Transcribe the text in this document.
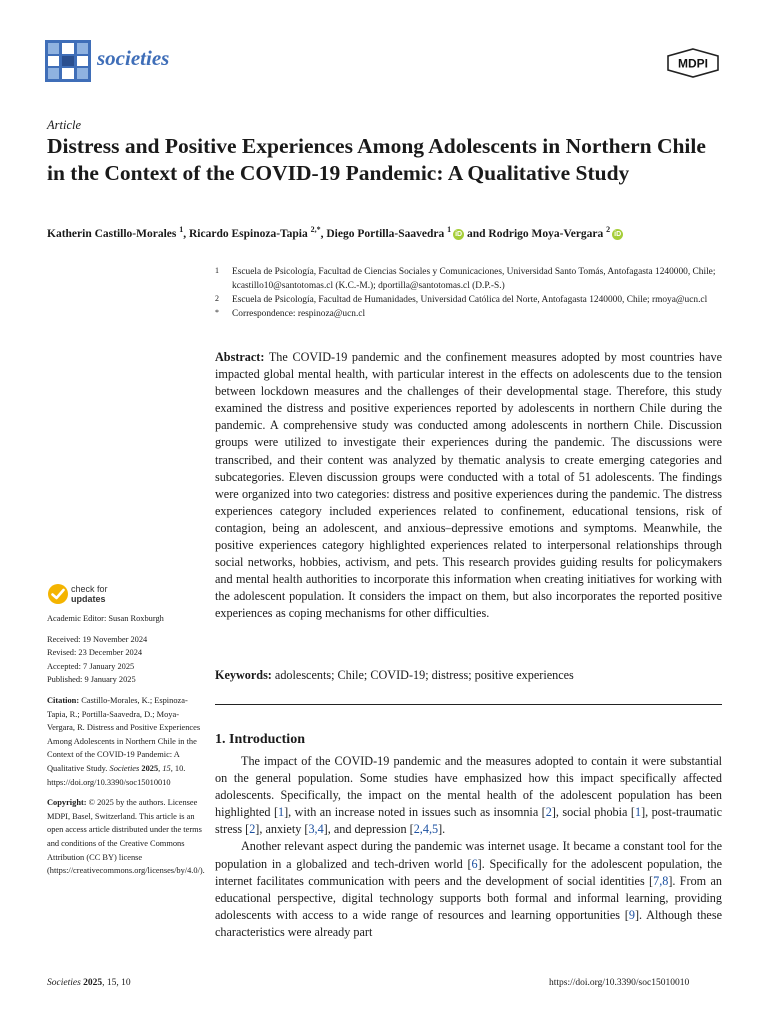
societies	MDPI
Article
Distress and Positive Experiences Among Adolescents in Northern Chile in the Context of the COVID-19 Pandemic: A Qualitative Study
Katherin Castillo-Morales $^1$, Ricardo Espinoza-Tapia $^{2,*}$, Diego Portilla-Saavedra $^1$iD and Rodrigo Moya-Vergara $^2$iD
1 Escuela de Psicología, Facultad de Ciencias Sociales y Comunicaciones, Universidad Santo Tomás, Antofagasta 1240000, Chile; kcastillo10@santotomas.cl (K.C.-M.); dportilla@santotomas.cl (D.P.-S.)
2 Escuela de Psicología, Facultad de Humanidades, Universidad Católica del Norte, Antofagasta 1240000, Chile; rmoya@ucn.cl
* Correspondence: respinoza@ucn.cl
Abstract: The COVID-19 pandemic and the confinement measures adopted by most countries have impacted global mental health, with particular interest in the effects on adolescents due to the tension between lockdown measures and the challenges of their developmental stage. Therefore, this study examined the distress and positive experiences reported by adolescents in northern Chile during the pandemic. A comprehensive study was conducted among adolescents in northern Chile. Discussion groups were utilized to investigate their experiences during the pandemic. The discussions were transcribed, and their content was analyzed by thematic analysis to create emerging categories and subcategories. Eleven discussion groups were conducted with a total of 51 adolescents. The findings were organized into two categories: distress and positive experiences during the pandemic. The distress experiences category included experiences related to confinement, educational tensions, risk of contagion, being an adolescent, and anxious–depressive emotions and symptoms. Meanwhile, the positive experiences category highlighted experiences related to interpersonal relationships through social networks, hobbies, activism, and pets. This research provides guiding results for policymakers and mental health authorities to incorporate this information when creating initiatives for working with the adolescent population. It considers the impact on them, but also incorporates the reported positive experiences as coping mechanisms for other difficulties.
Keywords: adolescents; Chile; COVID-19; distress; positive experiences
1. Introduction

The impact of the COVID-19 pandemic and the measures adopted to contain it were substantial on the general population. Some studies have emphasized how this impact specifically affected adolescents. Specifically, the impact on the mental health of the adolescent population has been highlighted [1], with an increase noted in issues such as insomnia [2], social phobia [1], post-traumatic stress [2], anxiety [3,4], and depression [2,4,5].

Another relevant aspect during the pandemic was internet usage. It became a constant tool for the population in a globalized and tech-driven world [6]. Specifically for the adolescent population, the internet facilitates communication with peers and the development of social identities [7,8]. From an educational perspective, digital technology supports both formal and informal learning, providing adolescents with access to a wide range of resources and learning opportunities [9]. Although these characteristics were already part

check for
updates
Academic Editor: Susan Roxburgh
Received: 19 November 2024
Revised: 23 December 2024
Accepted: 7 January 2025
Published: 9 January 2025
Citation: Castillo-Morales, K.; Espinoza-Tapia, R.; Portilla-Saavedra, D.; Moya-Vergara, R. Distress and Positive Experiences Among Adolescents in Northern Chile in the Context of the COVID-19 Pandemic: A Qualitative Study. Societies 2025, 15, 10. https://doi.org/10.3390/soc15010010
Copyright: © 2025 by the authors. Licensee MDPI, Basel, Switzerland. This article is an open access article distributed under the terms and conditions of the Creative Commons Attribution (CC BY) license (https://creativecommons.org/licenses/by/4.0/).
Societies 2025, 15, 10	https://doi.org/10.3390/soc15010010
